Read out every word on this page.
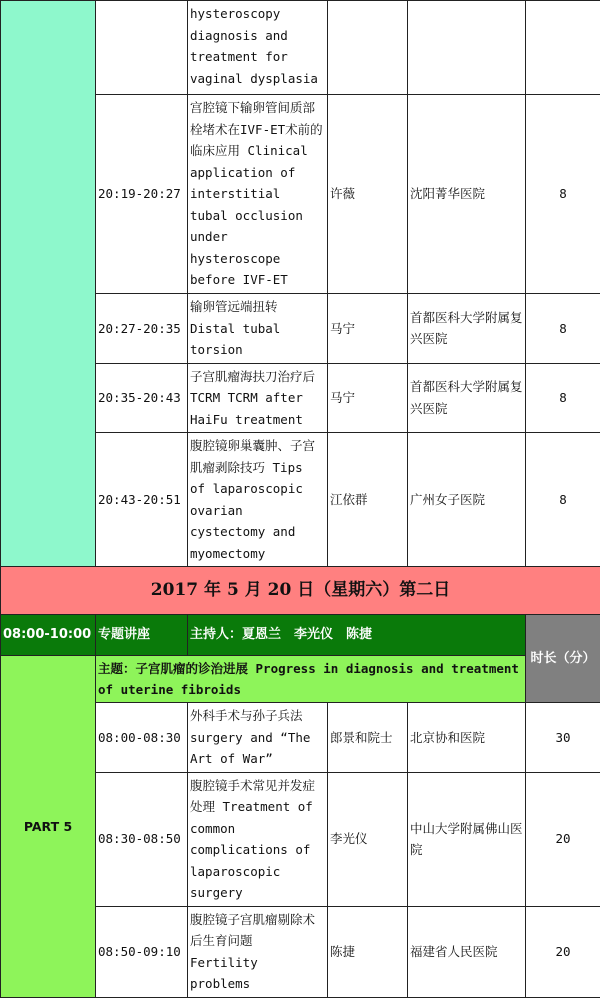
		hysteroscopy diagnosis and treatment for vaginal dysplasia			
	20:19-20:27	宫腔镜下输卵管间质部栓堵术在IVF-ET术前的临床应用 Clinical application of interstitial tubal occlusion under hysteroscope before IVF-ET	许薇	沈阳菁华医院	8
	20:27-20:35	输卵管远端扭转 Distal tubal torsion	马宁	首都医科大学附属复兴医院	8
	20:35-20:43	子宫肌瘤海扶刀治疗后TCRM TCRM after HaiFu treatment	马宁	首都医科大学附属复兴医院	8
	20:43-20:51	腹腔镜卵巢囊肿、子宫肌瘤剥除技巧 Tips of laparoscopic ovarian cystectomy and myomectomy	江依群	广州女子医院	8
2017 年 5 月 20 日（星期六）第二日					
08:00-10:00	专题讲座	主持人：夏恩兰　李光仪　陈捷			时长（分）
PART 5	主题：子宫肌瘤的诊治进展 Progress in diagnosis and treatment of uterine fibroids				
	08:00-08:30	外科手术与孙子兵法 surgery and “The Art of War”	郎景和院士	北京协和医院	30
	08:30-08:50	腹腔镜手术常见并发症处理 Treatment of common complications of laparoscopic surgery	李光仪	中山大学附属佛山医院	20
	08:50-09:10	腹腔镜子宫肌瘤剔除术后生育问题 Fertility problems	陈捷	福建省人民医院	20
